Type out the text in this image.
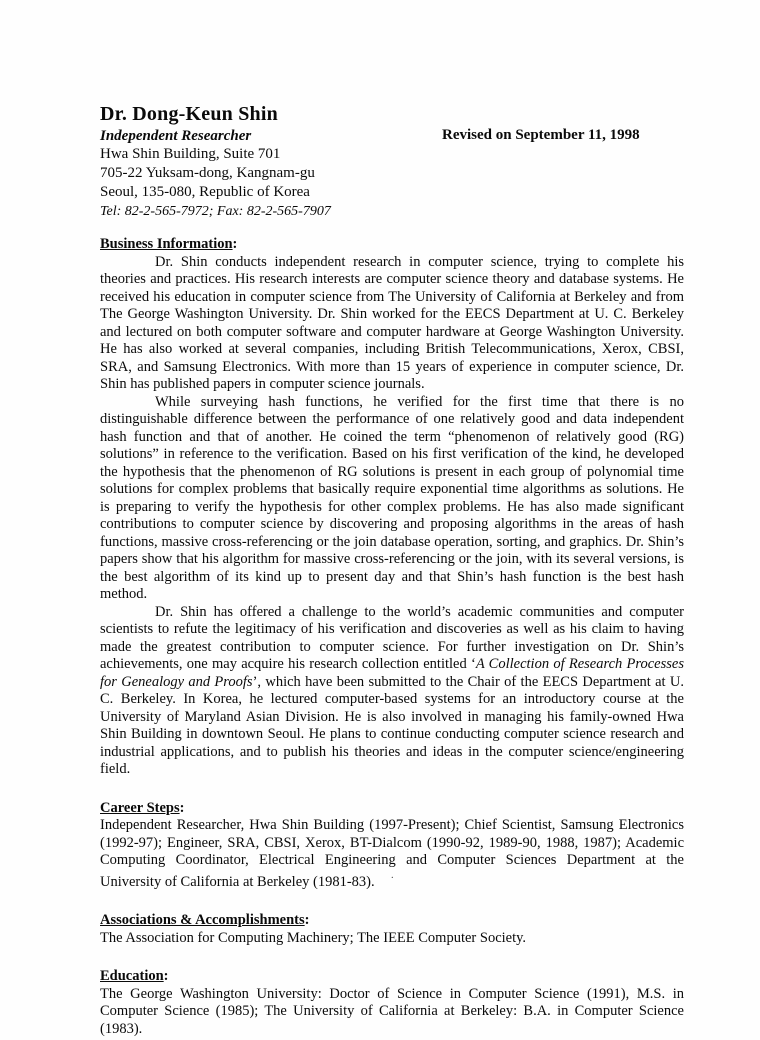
Dr. Dong-Keun Shin
Independent Researcher	Revised on September 11, 1998
Hwa Shin Building, Suite 701
705-22 Yuksam-dong, Kangnam-gu
Seoul, 135-080, Republic of Korea
Tel: 82-2-565-7972; Fax: 82-2-565-7907
Business Information:

Dr. Shin conducts independent research in computer science, trying to complete his theories and practices. His research interests are computer science theory and database systems. He received his education in computer science from The University of California at Berkeley and from The George Washington University. Dr. Shin worked for the EECS Department at U. C. Berkeley and lectured on both computer software and computer hardware at George Washington University. He has also worked at several companies, including British Telecommunications, Xerox, CBSI, SRA, and Samsung Electronics. With more than 15 years of experience in computer science, Dr. Shin has published papers in computer science journals.

While surveying hash functions, he verified for the first time that there is no distinguishable difference between the performance of one relatively good and data independent hash function and that of another. He coined the term “phenomenon of relatively good (RG) solutions” in reference to the verification. Based on his first verification of the kind, he developed the hypothesis that the phenomenon of RG solutions is present in each group of polynomial time solutions for complex problems that basically require exponential time algorithms as solutions. He is preparing to verify the hypothesis for other complex problems. He has also made significant contributions to computer science by discovering and proposing algorithms in the areas of hash functions, massive cross-referencing or the join database operation, sorting, and graphics. Dr. Shin’s papers show that his algorithm for massive cross-referencing or the join, with its several versions, is the best algorithm of its kind up to present day and that Shin’s hash function is the best hash method.

Dr. Shin has offered a challenge to the world’s academic communities and computer scientists to refute the legitimacy of his verification and discoveries as well as his claim to having made the greatest contribution to computer science. For further investigation on Dr. Shin’s achievements, one may acquire his research collection entitled ‘A Collection of Research Processes for Genealogy and Proofs’, which have been submitted to the Chair of the EECS Department at U. C. Berkeley. In Korea, he lectured computer-based systems for an introductory course at the University of Maryland Asian Division. He is also involved in managing his family-owned Hwa Shin Building in downtown Seoul. He plans to continue conducting computer science research and industrial applications, and to publish his theories and ideas in the computer science/engineering field.

Career Steps:

Independent Researcher, Hwa Shin Building (1997-Present); Chief Scientist, Samsung Electronics (1992-97); Engineer, SRA, CBSI, Xerox, BT-Dialcom (1990-92, 1989-90, 1988, 1987); Academic Computing Coordinator, Electrical Engineering and Computer Sciences Department at the University of California at Berkeley (1981-83). ·

Associations & Accomplishments:

The Association for Computing Machinery; The IEEE Computer Society.

Education:

The George Washington University: Doctor of Science in Computer Science (1991), M.S. in Computer Science (1985); The University of California at Berkeley: B.A. in Computer Science (1983).
